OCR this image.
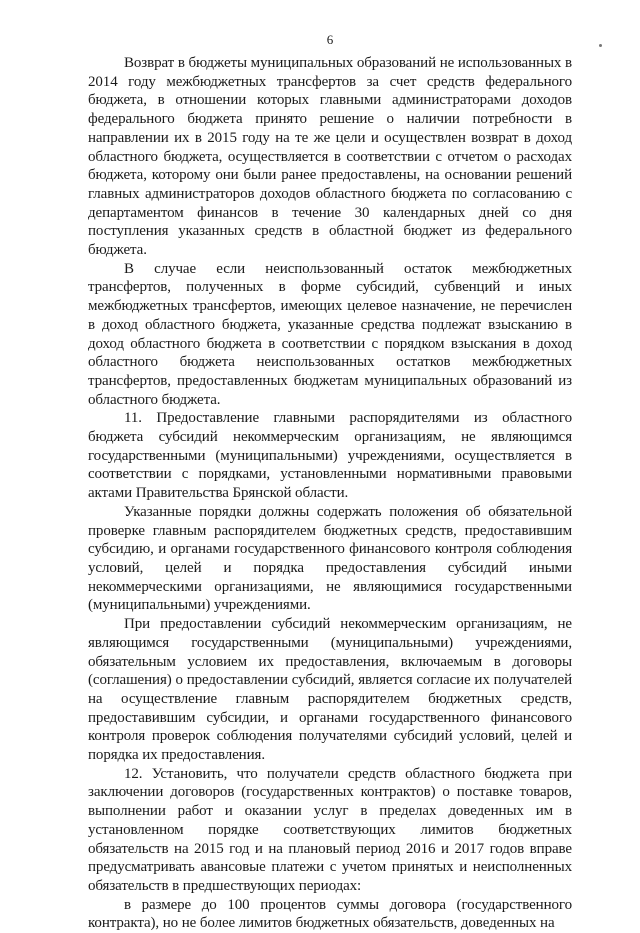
6

Возврат в бюджеты муниципальных образований не использованных в 2014 году межбюджетных трансфертов за счет средств федерального бюджета, в отношении которых главными администраторами доходов федерального бюджета принято решение о наличии потребности в направлении их в 2015 году на те же цели и осуществлен возврат в доход областного бюджета, осуществляется в соответствии с отчетом о расходах бюджета, которому они были ранее предоставлены, на основании решений главных администраторов доходов областного бюджета по согласованию с департаментом финансов в течение 30 календарных дней со дня поступления указанных средств в областной бюджет из федерального бюджета.

В случае если неиспользованный остаток межбюджетных трансфертов, полученных в форме субсидий, субвенций и иных межбюджетных трансфертов, имеющих целевое назначение, не перечислен в доход областного бюджета, указанные средства подлежат взысканию в доход областного бюджета в соответствии с порядком взыскания в доход областного бюджета неиспользованных остатков межбюджетных трансфертов, предоставленных бюджетам муниципальных образований из областного бюджета.

11. Предоставление главными распорядителями из областного бюджета субсидий некоммерческим организациям, не являющимся государственными (муниципальными) учреждениями, осуществляется в соответствии с порядками, установленными нормативными правовыми актами Правительства Брянской области.

Указанные порядки должны содержать положения об обязательной проверке главным распорядителем бюджетных средств, предоставившим субсидию, и органами государственного финансового контроля соблюдения условий, целей и порядка предоставления субсидий иными некоммерческими организациями, не являющимися государственными (муниципальными) учреждениями.

При предоставлении субсидий некоммерческим организациям, не являющимся государственными (муниципальными) учреждениями, обязательным условием их предоставления, включаемым в договоры (соглашения) о предоставлении субсидий, является согласие их получателей на осуществление главным распорядителем бюджетных средств, предоставившим субсидии, и органами государственного финансового контроля проверок соблюдения получателями субсидий условий, целей и порядка их предоставления.

12. Установить, что получатели средств областного бюджета при заключении договоров (государственных контрактов) о поставке товаров, выполнении работ и оказании услуг в пределах доведенных им в установленном порядке соответствующих лимитов бюджетных обязательств на 2015 год и на плановый период 2016 и 2017 годов вправе предусматривать авансовые платежи с учетом принятых и неисполненных обязательств в предшествующих периодах:

в размере до 100 процентов суммы договора (государственного контракта), но не более лимитов бюджетных обязательств, доведенных на
